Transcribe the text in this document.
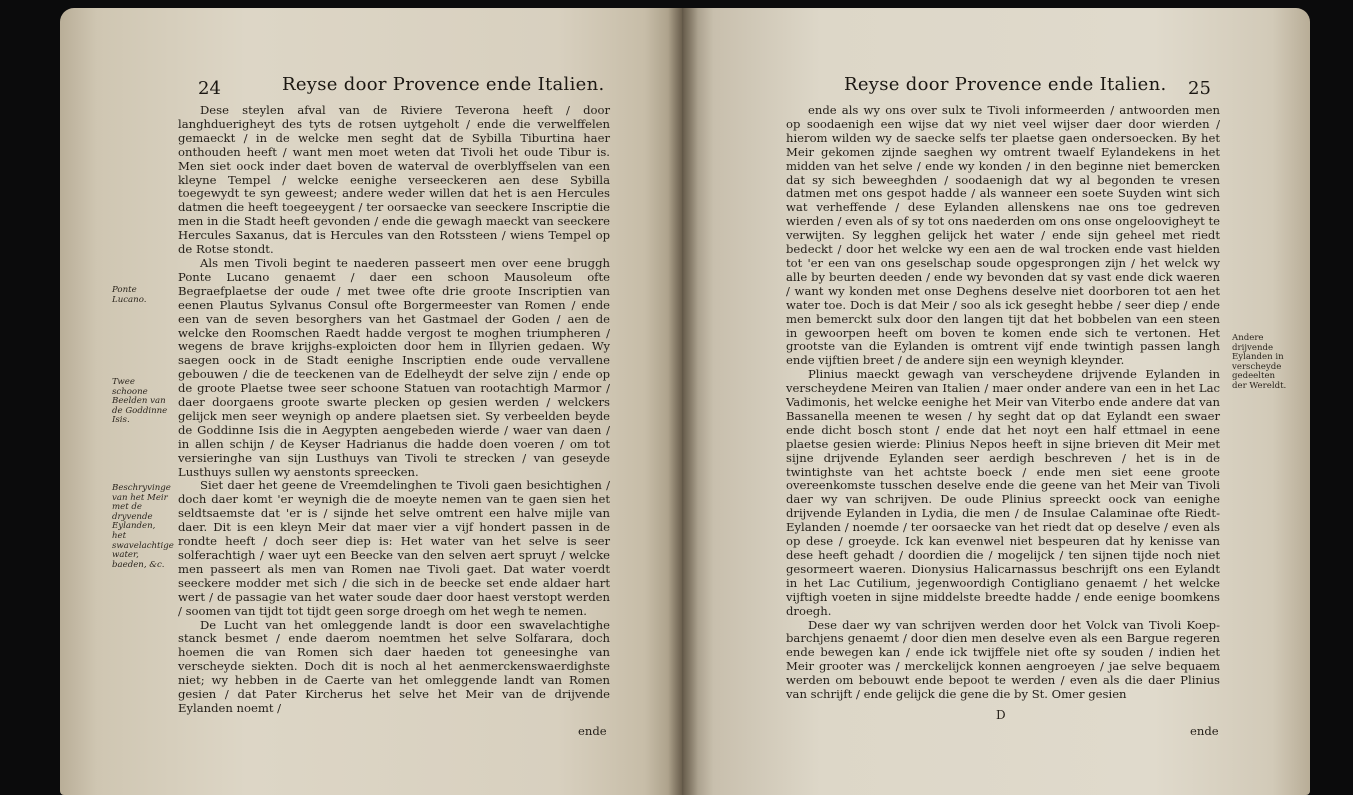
24	Reyse door Provence ende Italien.

Dese steylen afval van de Riviere Teverona heeft / door langhduerigheyt des tyts de rotsen uytgeholt / ende die verwelffelen gemaeckt / in de welcke men seght dat de Sybilla Tiburtina haer onthouden heeft / want men moet weten dat Tivoli het oude Tibur is. Men siet oock inder daet boven de waterval de overblyffselen van een kleyne Tempel / welcke eenighe verseeckeren aen dese Sybilla toegewydt te syn geweest; andere weder willen dat het is aen Hercules datmen die heeft toegeeygent / ter oorsaecke van seeckere Inscriptie die men in die Stadt heeft gevonden / ende die gewagh maeckt van seeckere Hercules Saxanus, dat is Hercules van den Rotssteen / wiens Tempel op de Rotse stondt.

Als men Tivoli begint te naederen passeert men over eene bruggh Ponte Lucano genaemt / daer een schoon Mausoleum ofte Begraefplaetse der oude / met twee ofte drie groote Inscriptien van eenen Plautus Sylvanus Consul ofte Borgermeester van Romen / ende een van de seven besorghers van het Gastmael der Goden / aen de welcke den Roomschen Raedt hadde vergost te moghen triumpheren / wegens de brave krijghs-exploicten door hem in Illyrien gedaen. Wy saegen oock in de Stadt eenighe Inscriptien ende oude vervallene gebouwen / die de teeckenen van de Edelheydt der selve zijn / ende op de groote Plaetse twee seer schoone Statuen van rootachtigh Marmor / daer doorgaens groote swarte plecken op gesien werden / welckers gelijck men seer weynigh op andere plaetsen siet. Sy verbeelden beyde de Goddinne Isis die in Aegypten aengebeden wierde / waer van daen / in allen schijn / de Keyser Hadrianus die hadde doen voeren / om tot versieringhe van sijn Lusthuys van Tivoli te strecken / van geseyde Lusthuys sullen wy aenstonts spreecken.

Siet daer het geene de Vreemdelinghen te Tivoli gaen besichtighen / doch daer komt 'er weynigh die de moeyte nemen van te gaen sien het seldtsaemste dat 'er is / sijnde het selve omtrent een halve mijle van daer. Dit is een kleyn Meir dat maer vier a vijf hondert passen in de rondte heeft / doch seer diep is: Het water van het selve is seer solferachtigh / waer uyt een Beecke van den selven aert spruyt / welcke men passeert als men van Romen nae Tivoli gaet. Dat water voerdt seeckere modder met sich / die sich in de beecke set ende aldaer hart wert / de passagie van het water soude daer door haest verstopt werden / soomen van tijdt tot tijdt geen sorge droegh om het wegh te nemen.

De Lucht van het omleggende landt is door een swavelachtighe stanck besmet / ende daerom noemtmen het selve Solfarara, doch hoemen die van Romen sich daer haeden tot geneesinghe van verscheyde siekten. Doch dit is noch al het aenmerckenswaerdighste niet; wy hebben in de Caerte van het omleggende landt van Romen gesien / dat Pater Kircherus het selve het Meir van de drijvende Eylanden noemt /

ende
Ponte Lucano.
Twee schoone Beelden van de Goddinne Isis.
Beschryvinge van het Meir met de dryvende Eylanden, het swavelachtige water, baeden, &c.
Reyse door Provence ende Italien. 25

ende als wy ons over sulx te Tivoli informeerden / antwoorden men op soodaenigh een wijse dat wy niet veel wijser daer door wierden / hierom wilden wy de saecke selfs ter plaetse gaen ondersoecken. By het Meir gekomen zijnde saeghen wy omtrent twaelf Eylandekens in het midden van het selve / ende wy konden / in den beginne niet bemercken dat sy sich beweeghden / soodaenigh dat wy al begonden te vresen datmen met ons gespot hadde / als wanneer een soete Suyden wint sich wat verheffende / dese Eylanden allenskens nae ons toe gedreven wierden / even als of sy tot ons naederden om ons onse ongeloovigheyt te verwijten. Sy legghen gelijck het water / ende sijn geheel met riedt bedeckt / door het welcke wy een aen de wal trocken ende vast hielden tot 'er een van ons geselschap soude opgesprongen zijn / het welck wy alle by beurten deeden / ende wy bevonden dat sy vast ende dick waeren / want wy konden met onse Deghens deselve niet doorboren tot aen het water toe. Doch is dat Meir / soo als ick geseght hebbe / seer diep / ende men bemerckt sulx door den langen tijt dat het bobbelen van een steen in gewoorpen heeft om boven te komen ende sich te vertonen. Het grootste van die Eylanden is omtrent vijf ende twintigh passen langh ende vijftien breet / de andere sijn een weynigh kleynder.

Plinius maeckt gewagh van verscheydene drijvende Eylanden in verscheydene Meiren van Italien / maer onder andere van een in het Lac Vadimonis, het welcke eenighe het Meir van Viterbo ende andere dat van Bassanella meenen te wesen / hy seght dat op dat Eylandt een swaer ende dicht bosch stont / ende dat het noyt een half ettmael in eene plaetse gesien wierde: Plinius Nepos heeft in sijne brieven dit Meir met sijne drijvende Eylanden seer aerdigh beschreven / het is in de twintighste van het achtste boeck / ende men siet eene groote overeenkomste tusschen deselve ende die geene van het Meir van Tivoli daer wy van schrijven. De oude Plinius spreeckt oock van eenighe drijvende Eylanden in Lydia, die men / de Insulae Calaminae ofte Riedt-Eylanden / noemde / ter oorsaecke van het riedt dat op deselve / even als op dese / groeyde. Ick kan evenwel niet bespeuren dat hy kenisse van dese heeft gehadt / doordien die / mogelijck / ten sijnen tijde noch niet gesormeert waeren. Dionysius Halicarnassus beschrijft ons een Eylandt in het Lac Cutilium, jegenwoordigh Contigliano genaemt / het welcke vijftigh voeten in sijne middelste breedte hadde / ende eenige boomkens droegh.

Dese daer wy van schrijven werden door het Volck van Tivoli Koep-barchjens genaemt / door dien men deselve even als een Bargue regeren ende bewegen kan / ende ick twijffele niet ofte sy souden / indien het Meir grooter was / merckelijck konnen aengroeyen / jae selve bequaem werden om bebouwt ende bepoot te werden / even als die daer Plinius van schrijft / ende gelijck die gene die by St. Omer gesien

D
ende
Andere drijvende Eylanden in verscheyde gedeelten der Wereldt.
